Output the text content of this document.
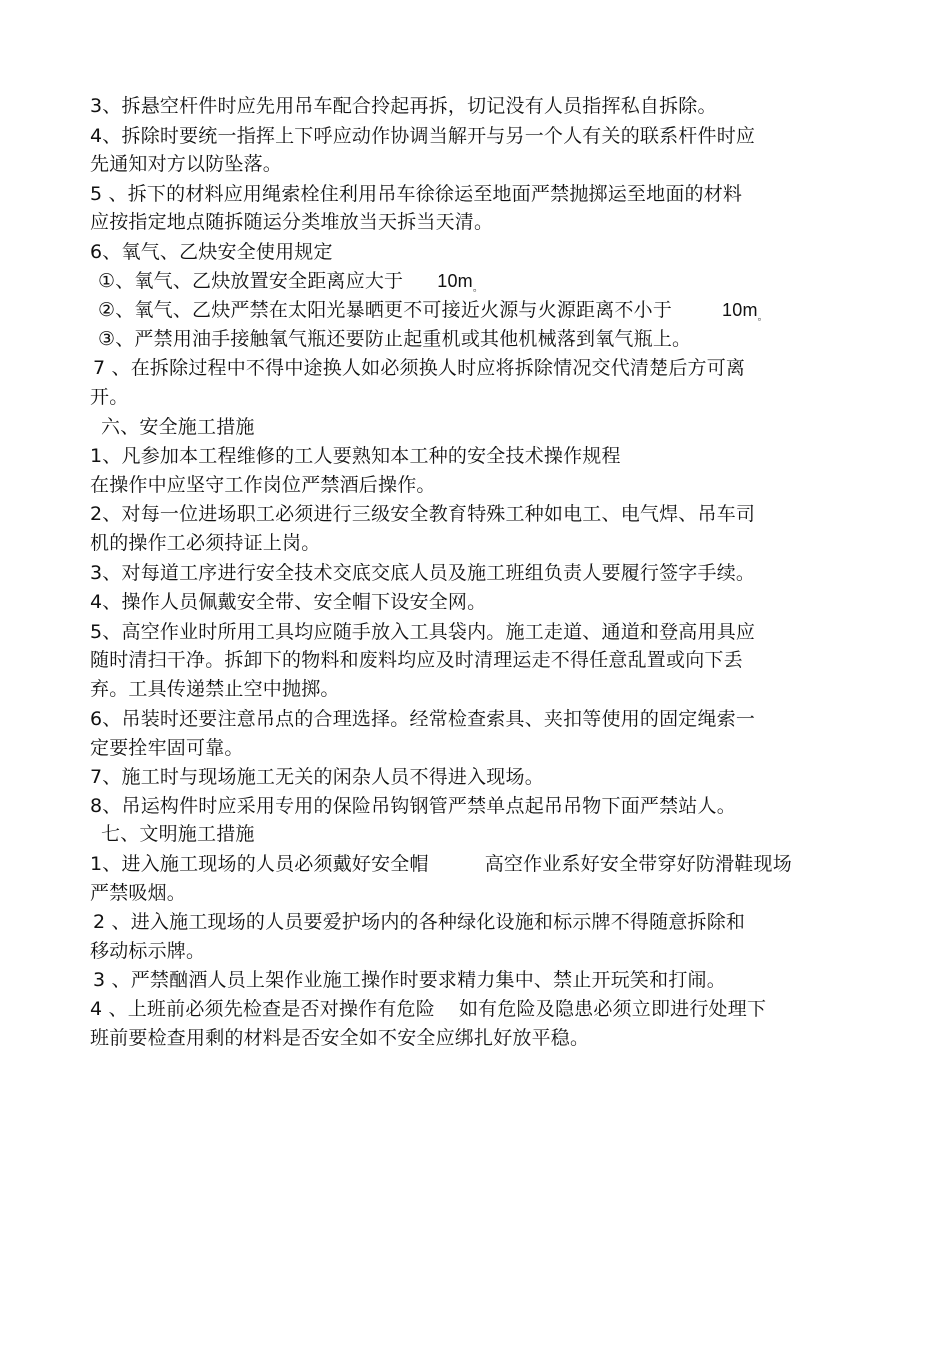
3、拆悬空杆件时应先用吊车配合拎起再拆，切记没有人员指挥私自拆除。
4、拆除时要统一指挥上下呼应动作协调当解开与另一个人有关的联系杆件时应
先通知对方以防坠落。
5 、拆下的材料应用绳索栓住利用吊车徐徐运至地面严禁抛掷运至地面的材料
应按指定地点随拆随运分类堆放当天拆当天清。
6、氧气、乙炔安全使用规定
①、氧气、乙炔放置安全距离应大于 $10m_。$
②、氧气、乙炔严禁在太阳光暴晒更不可接近火源与火源距离不小于	$10m_。$
③、严禁用油手接触氧气瓶还要防止起重机或其他机械落到氧气瓶上。
7 、在拆除过程中不得中途换人如必须换人时应将拆除情况交代清楚后方可离
开。
六、安全施工措施
1、凡参加本工程维修的工人要熟知本工种的安全技术操作规程
在操作中应坚守工作岗位严禁酒后操作。
2、对每一位进场职工必须进行三级安全教育特殊工种如电工、电气焊、吊车司
机的操作工必须持证上岗。
3、对每道工序进行安全技术交底交底人员及施工班组负责人要履行签字手续。
4、操作人员佩戴安全带、安全帽下设安全网。
5、高空作业时所用工具均应随手放入工具袋内。施工走道、通道和登高用具应
随时清扫干净。拆卸下的物料和废料均应及时清理运走不得任意乱置或向下丢
弃。工具传递禁止空中抛掷。
6、吊装时还要注意吊点的合理选择。经常检查索具、夹扣等使用的固定绳索一
定要拴牢固可靠。
7、施工时与现场施工无关的闲杂人员不得进入现场。
8、吊运构件时应采用专用的保险吊钩钢管严禁单点起吊吊物下面严禁站人。
七、文明施工措施
1、进入施工现场的人员必须戴好安全帽	高空作业系好安全带穿好防滑鞋现场
严禁吸烟。
2 、进入施工现场的人员要爱护场内的各种绿化设施和标示牌不得随意拆除和
移动标示牌。
3 、严禁酗酒人员上架作业施工操作时要求精力集中、禁止开玩笑和打闹。
4 、上班前必须先检查是否对操作有危险 如有危险及隐患必须立即进行处理下
班前要检查用剩的材料是否安全如不安全应绑扎好放平稳。
